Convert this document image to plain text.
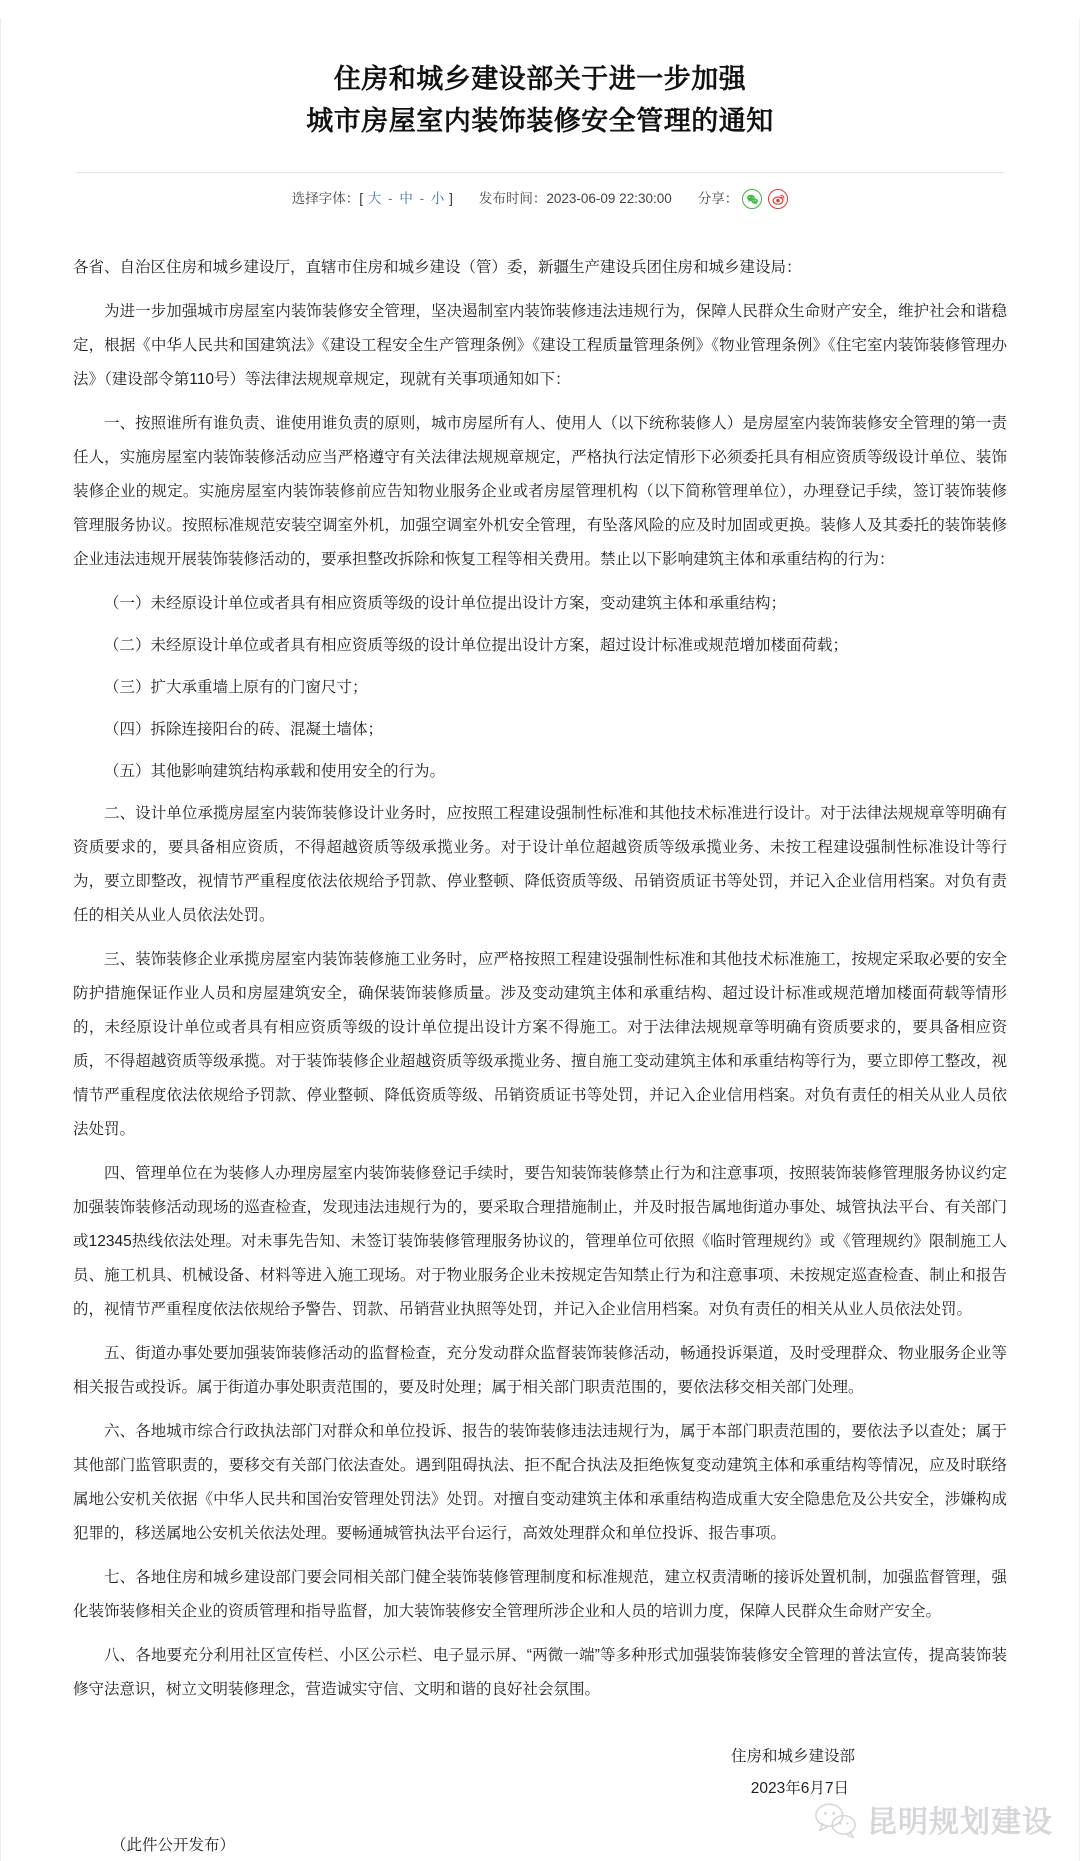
住房和城乡建设部关于进一步加强
城市房屋室内装饰装修安全管理的通知
选择字体： [ 大 - 中 - 小 ] 发布时间： 2023-06-09 22:30:00 分享：

各省、自治区住房和城乡建设厅，直辖市住房和城乡建设（管）委，新疆生产建设兵团住房和城乡建设局：

为进一步加强城市房屋室内装饰装修安全管理，坚决遏制室内装饰装修违法违规行为，保障人民群众生命财产安全，维护社会和谐稳定，根据《中华人民共和国建筑法》《建设工程安全生产管理条例》《建设工程质量管理条例》《物业管理条例》《住宅室内装饰装修管理办法》（建设部令第110号）等法律法规规章规定，现就有关事项通知如下：

一、按照谁所有谁负责、谁使用谁负责的原则，城市房屋所有人、使用人（以下统称装修人）是房屋室内装饰装修安全管理的第一责任人，实施房屋室内装饰装修活动应当严格遵守有关法律法规规章规定，严格执行法定情形下必须委托具有相应资质等级设计单位、装饰装修企业的规定。实施房屋室内装饰装修前应告知物业服务企业或者房屋管理机构（以下简称管理单位），办理登记手续，签订装饰装修管理服务协议。按照标准规范安装空调室外机，加强空调室外机安全管理，有坠落风险的应及时加固或更换。装修人及其委托的装饰装修企业违法违规开展装饰装修活动的，要承担整改拆除和恢复工程等相关费用。禁止以下影响建筑主体和承重结构的行为：

（一）未经原设计单位或者具有相应资质等级的设计单位提出设计方案，变动建筑主体和承重结构；

（二）未经原设计单位或者具有相应资质等级的设计单位提出设计方案，超过设计标准或规范增加楼面荷载；

（三）扩大承重墙上原有的门窗尺寸；

（四）拆除连接阳台的砖、混凝土墙体；

（五）其他影响建筑结构承载和使用安全的行为。

二、设计单位承揽房屋室内装饰装修设计业务时，应按照工程建设强制性标准和其他技术标准进行设计。对于法律法规规章等明确有资质要求的，要具备相应资质，不得超越资质等级承揽业务。对于设计单位超越资质等级承揽业务、未按工程建设强制性标准设计等行为，要立即整改，视情节严重程度依法依规给予罚款、停业整顿、降低资质等级、吊销资质证书等处罚，并记入企业信用档案。对负有责任的相关从业人员依法处罚。

三、装饰装修企业承揽房屋室内装饰装修施工业务时，应严格按照工程建设强制性标准和其他技术标准施工，按规定采取必要的安全防护措施保证作业人员和房屋建筑安全，确保装饰装修质量。涉及变动建筑主体和承重结构、超过设计标准或规范增加楼面荷载等情形的，未经原设计单位或者具有相应资质等级的设计单位提出设计方案不得施工。对于法律法规规章等明确有资质要求的，要具备相应资质，不得超越资质等级承揽。对于装饰装修企业超越资质等级承揽业务、擅自施工变动建筑主体和承重结构等行为，要立即停工整改，视情节严重程度依法依规给予罚款、停业整顿、降低资质等级、吊销资质证书等处罚，并记入企业信用档案。对负有责任的相关从业人员依法处罚。

四、管理单位在为装修人办理房屋室内装饰装修登记手续时，要告知装饰装修禁止行为和注意事项，按照装饰装修管理服务协议约定加强装饰装修活动现场的巡查检查，发现违法违规行为的，要采取合理措施制止，并及时报告属地街道办事处、城管执法平台、有关部门或12345热线依法处理。对未事先告知、未签订装饰装修管理服务协议的，管理单位可依照《临时管理规约》或《管理规约》限制施工人员、施工机具、机械设备、材料等进入施工现场。对于物业服务企业未按规定告知禁止行为和注意事项、未按规定巡查检查、制止和报告的，视情节严重程度依法依规给予警告、罚款、吊销营业执照等处罚，并记入企业信用档案。对负有责任的相关从业人员依法处罚。

五、街道办事处要加强装饰装修活动的监督检查，充分发动群众监督装饰装修活动，畅通投诉渠道，及时受理群众、物业服务企业等相关报告或投诉。属于街道办事处职责范围的，要及时处理；属于相关部门职责范围的，要依法移交相关部门处理。

六、各地城市综合行政执法部门对群众和单位投诉、报告的装饰装修违法违规行为，属于本部门职责范围的，要依法予以查处；属于其他部门监管职责的，要移交有关部门依法查处。遇到阻碍执法、拒不配合执法及拒绝恢复变动建筑主体和承重结构等情况，应及时联络属地公安机关依据《中华人民共和国治安管理处罚法》处罚。对擅自变动建筑主体和承重结构造成重大安全隐患危及公共安全，涉嫌构成犯罪的，移送属地公安机关依法处理。要畅通城管执法平台运行，高效处理群众和单位投诉、报告事项。

七、各地住房和城乡建设部门要会同相关部门健全装饰装修管理制度和标准规范，建立权责清晰的接诉处置机制，加强监督管理，强化装饰装修相关企业的资质管理和指导监督，加大装饰装修安全管理所涉企业和人员的培训力度，保障人民群众生命财产安全。

八、各地要充分利用社区宣传栏、小区公示栏、电子显示屏、“两微一端”等多种形式加强装饰装修安全管理的普法宣传，提高装饰装修守法意识，树立文明装修理念，营造诚实守信、文明和谐的良好社会氛围。

住房和城乡建设部
2023年6月7日
（此件公开发布）
昆明规划建设
